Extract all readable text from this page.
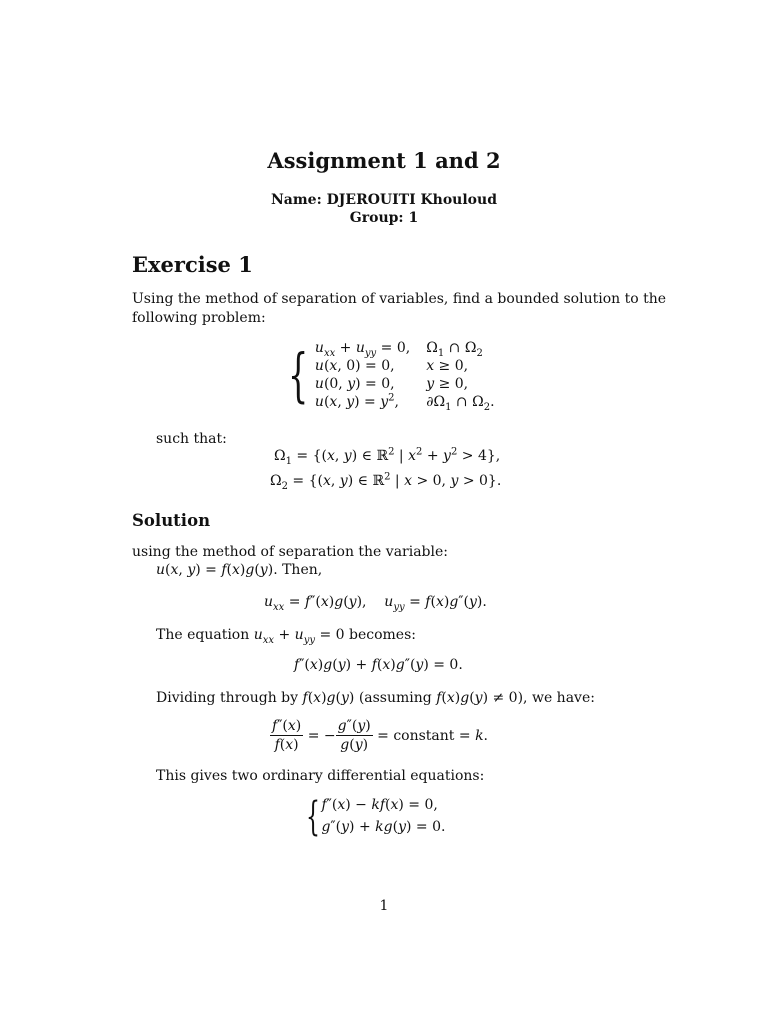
Assignment 1 and 2
Name: DJEROUITI Khouloud
Group: 1
Exercise 1
Using the method of separation of variables, find a bounded solution to the
following problem:
{ $u_{xx} + u_{yy} = 0$, $\Omega_1$ ∩ $\Omega_2$
u(x, 0) = 0,	x ≥ 0,
u(0, y) = 0,	y ≥ 0,
u(x, $y) = y^2$,	$\partial\Omega_1$ ∩ $\Omega_2$.
such that:
$\Omega_1 = \{(x$, y) ∈ ℝ$^2$ | $x^2 + y^2 > 4$},
$\Omega_2 = \{(x$, y) ∈ ℝ$^2$ | x > 0, y > 0}.
Solution
using the method of separation the variable:
u(x, y) = f(x)g(y). Then,
$u_{xx} = f''(x)g(y)$,    $u_{yy} = f(x)g''(y)$.
The equation $u_{xx} + u_{yy} = 0$ becomes:
f″(x)g(y) + f(x)g″(y) = 0.
Dividing through by f(x)g(y) (assuming f(x)g(y) ≠ 0), we have:
$\frac{f''(x)}{f(x)}$ = − $\frac{g''(y)}{g(y)}$ = constant = k.
This gives two ordinary differential equations:
{ f″(x) − kf(x) = 0,
g″(y) + kg(y) = 0.
1
